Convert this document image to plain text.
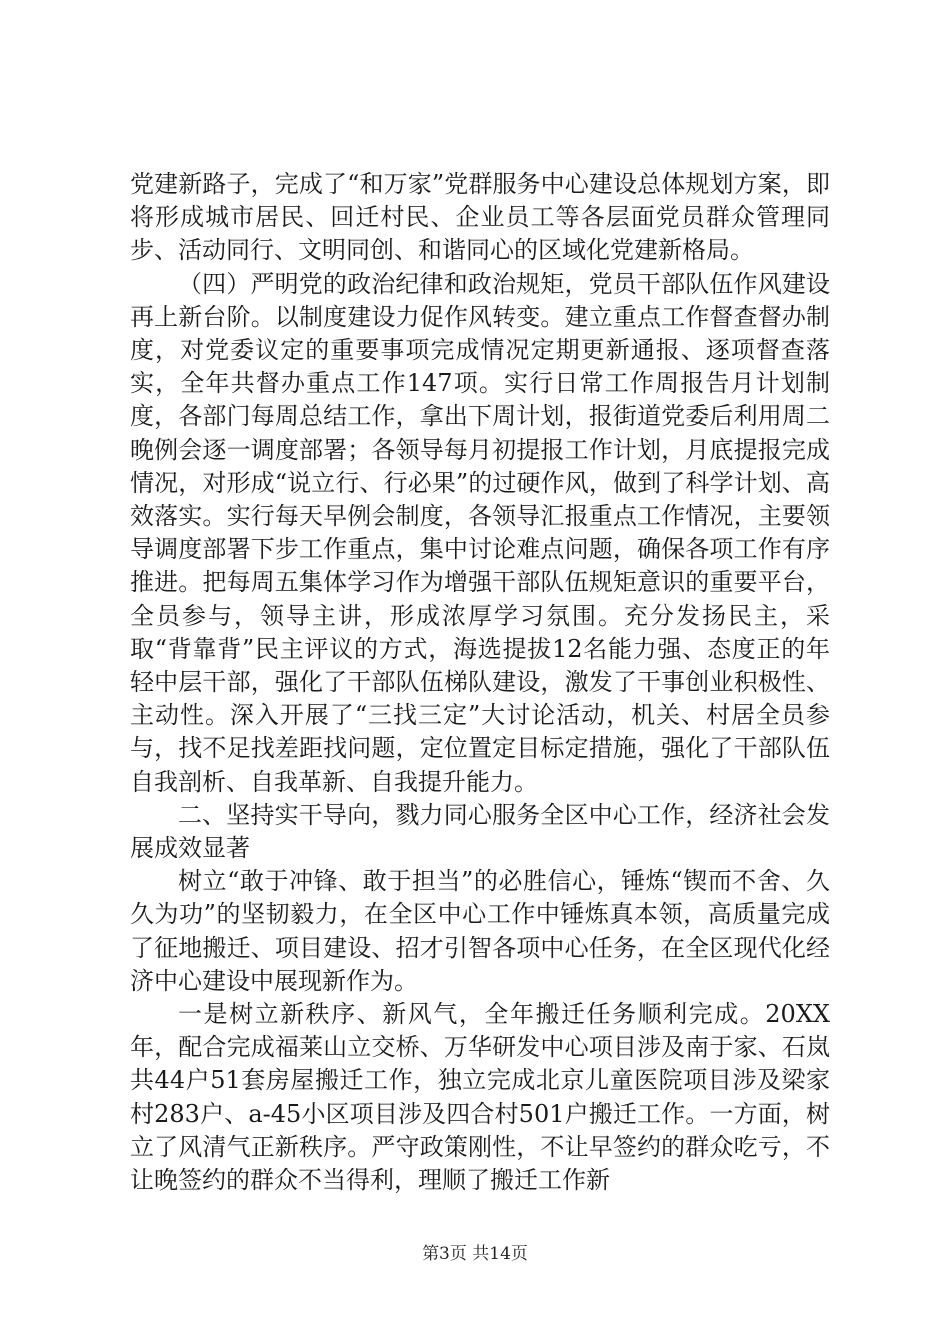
党建新路子，完成了“和万家”党群服务中心建设总体规划方案，即将形成城市居民、回迁村民、企业员工等各层面党员群众管理同步、活动同行、文明同创、和谐同心的区域化党建新格局。

（四）严明党的政治纪律和政治规矩，党员干部队伍作风建设再上新台阶。以制度建设力促作风转变。建立重点工作督查督办制度，对党委议定的重要事项完成情况定期更新通报、逐项督查落实，全年共督办重点工作147项。实行日常工作周报告月计划制度，各部门每周总结工作，拿出下周计划，报街道党委后利用周二晚例会逐一调度部署；各领导每月初提报工作计划，月底提报完成情况，对形成“说立行、行必果”的过硬作风，做到了科学计划、高效落实。实行每天早例会制度，各领导汇报重点工作情况，主要领导调度部署下步工作重点，集中讨论难点问题，确保各项工作有序推进。把每周五集体学习作为增强干部队伍规矩意识的重要平台，全员参与，领导主讲，形成浓厚学习氛围。充分发扬民主，采取“背靠背”民主评议的方式，海选提拔12名能力强、态度正的年轻中层干部，强化了干部队伍梯队建设，激发了干事创业积极性、主动性。深入开展了“三找三定”大讨论活动，机关、村居全员参与，找不足找差距找问题，定位置定目标定措施，强化了干部队伍自我剖析、自我革新、自我提升能力。

二、坚持实干导向，戮力同心服务全区中心工作，经济社会发展成效显著

树立“敢于冲锋、敢于担当”的必胜信心，锤炼“锲而不舍、久久为功”的坚韧毅力，在全区中心工作中锤炼真本领，高质量完成了征地搬迁、项目建设、招才引智各项中心任务，在全区现代化经济中心建设中展现新作为。

一是树立新秩序、新风气，全年搬迁任务顺利完成。20XX年，配合完成福莱山立交桥、万华研发中心项目涉及南于家、石岚共44户51套房屋搬迁工作，独立完成北京儿童医院项目涉及梁家村283户、a-45小区项目涉及四合村501户搬迁工作。一方面，树立了风清气正新秩序。严守政策刚性，不让早签约的群众吃亏，不让晚签约的群众不当得利，理顺了搬迁工作新

第3页 共14页
